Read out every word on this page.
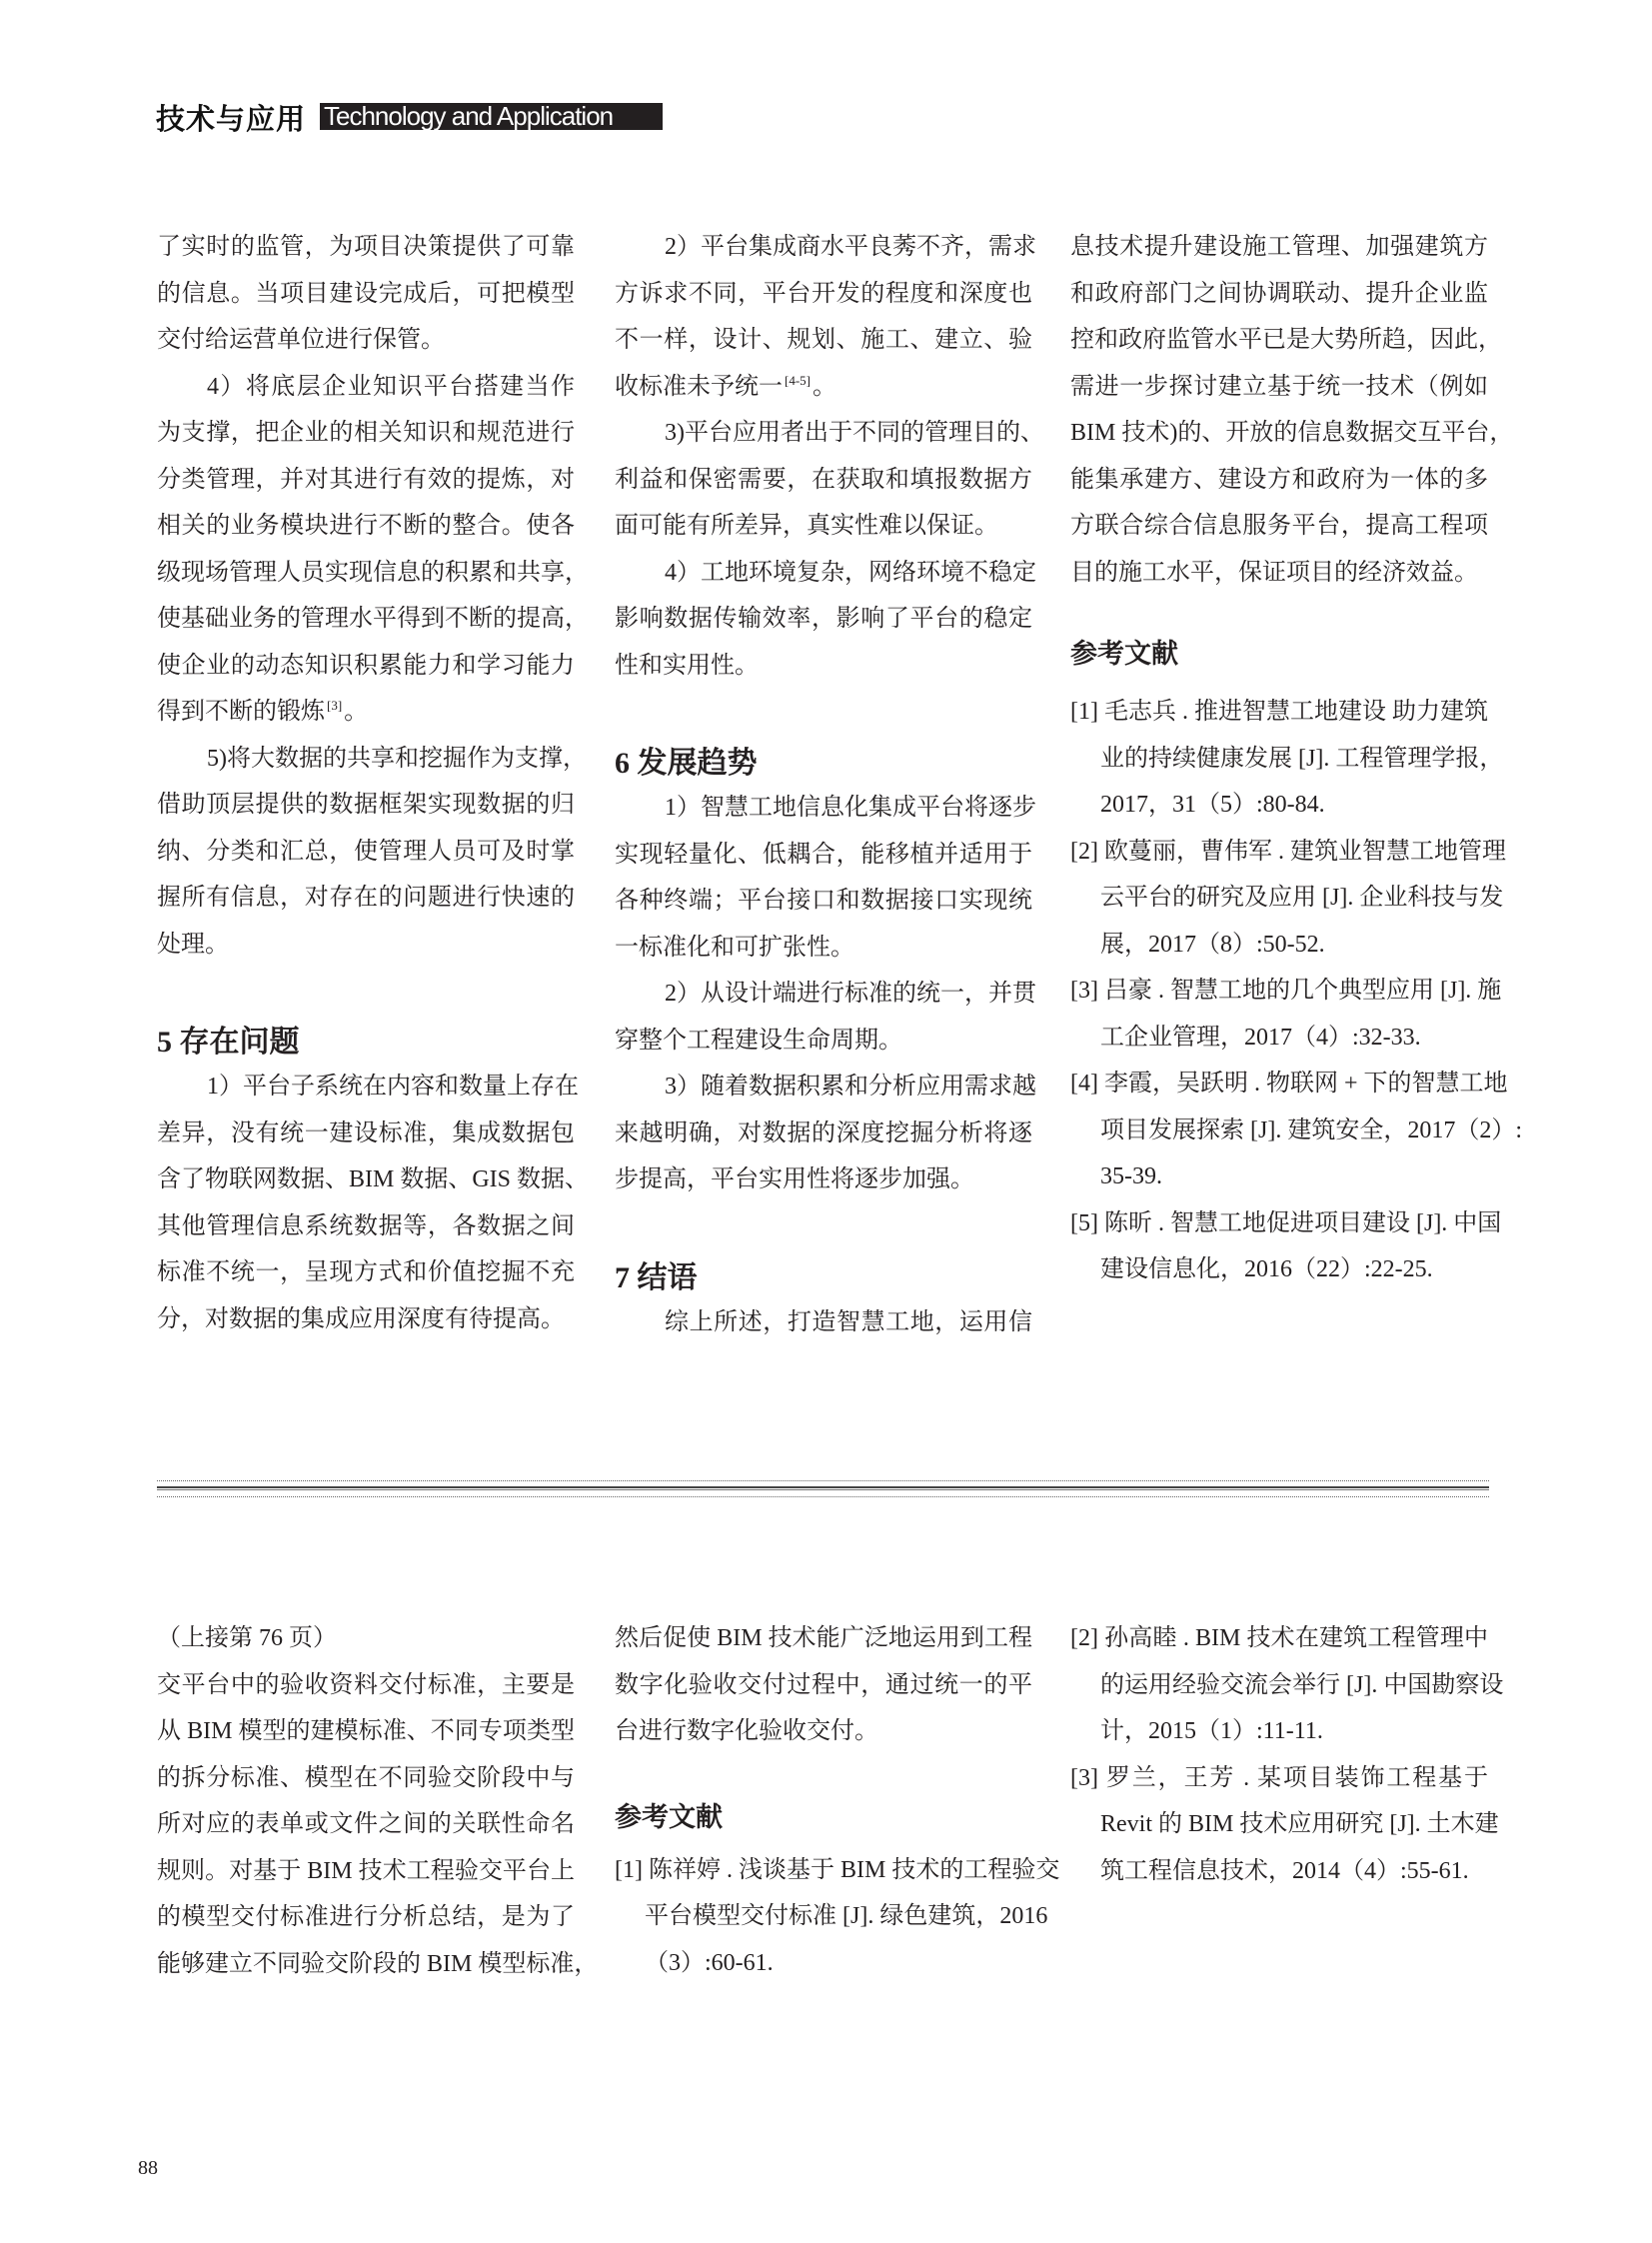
技术与应用 Technology and Application
了实时的监管，为项目决策提供了可靠
的信息。当项目建设完成后，可把模型
交付给运营单位进行保管。
4）将底层企业知识平台搭建当作
为支撑，把企业的相关知识和规范进行
分类管理，并对其进行有效的提炼，对
相关的业务模块进行不断的整合。使各
级现场管理人员实现信息的积累和共享，
使基础业务的管理水平得到不断的提高，
使企业的动态知识积累能力和学习能力
得到不断的锻炼 [3]。
5)将大数据的共享和挖掘作为支撑，
借助顶层提供的数据框架实现数据的归
纳、分类和汇总，使管理人员可及时掌
握所有信息，对存在的问题进行快速的
处理。
5 存在问题
1）平台子系统在内容和数量上存在
差异，没有统一建设标准，集成数据包
含了物联网数据、BIM 数据、GIS 数据、
其他管理信息系统数据等，各数据之间
标准不统一，呈现方式和价值挖掘不充
分，对数据的集成应用深度有待提高。
2）平台集成商水平良莠不齐，需求
方诉求不同，平台开发的程度和深度也
不一样，设计、规划、施工、建立、验
收标准未予统一 [4-5]。
3)平台应用者出于不同的管理目的、
利益和保密需要，在获取和填报数据方
面可能有所差异，真实性难以保证。
4）工地环境复杂，网络环境不稳定
影响数据传输效率，影响了平台的稳定
性和实用性。
6 发展趋势
1）智慧工地信息化集成平台将逐步
实现轻量化、低耦合，能移植并适用于
各种终端；平台接口和数据接口实现统
一标准化和可扩张性。
2）从设计端进行标准的统一，并贯
穿整个工程建设生命周期。
3）随着数据积累和分析应用需求越
来越明确，对数据的深度挖掘分析将逐
步提高，平台实用性将逐步加强。
7 结语
综上所述，打造智慧工地，运用信
息技术提升建设施工管理、加强建筑方
和政府部门之间协调联动、提升企业监
控和政府监管水平已是大势所趋，因此，
需进一步探讨建立基于统一技术（例如
BIM 技术)的、开放的信息数据交互平台，
能集承建方、建设方和政府为一体的多
方联合综合信息服务平台，提高工程项
目的施工水平，保证项目的经济效益。
参考文献
[1] 毛志兵 . 推进智慧工地建设 助力建筑
业的持续健康发展 [J]. 工程管理学报，
2017，31（5）:80-84.
[2] 欧蔓丽，曹伟军 . 建筑业智慧工地管理
云平台的研究及应用 [J]. 企业科技与发
展，2017（8）:50-52.
[3] 吕豪 . 智慧工地的几个典型应用 [J]. 施
工企业管理，2017（4）:32-33.
[4] 李霞，吴跃明 . 物联网 + 下的智慧工地
项目发展探索 [J]. 建筑安全，2017（2）:
35-39.
[5] 陈昕 . 智慧工地促进项目建设 [J]. 中国
建设信息化，2016（22）:22-25.
（上接第 76 页）
交平台中的验收资料交付标准，主要是
从 BIM 模型的建模标准、不同专项类型
的拆分标准、模型在不同验交阶段中与
所对应的表单或文件之间的关联性命名
规则。对基于 BIM 技术工程验交平台上
的模型交付标准进行分析总结，是为了
能够建立不同验交阶段的 BIM 模型标准，
然后促使 BIM 技术能广泛地运用到工程
数字化验收交付过程中，通过统一的平
台进行数字化验收交付。
参考文献
[1] 陈祥婷 . 浅谈基于 BIM 技术的工程验交
平台模型交付标准 [J]. 绿色建筑，2016
（3）:60-61.
[2] 孙高睦 . BIM 技术在建筑工程管理中
的运用经验交流会举行 [J]. 中国勘察设
计，2015（1）:11-11.
[3] 罗兰，王芳 . 某项目装饰工程基于
Revit 的 BIM 技术应用研究 [J]. 土木建
筑工程信息技术，2014（4）:55-61.
88
